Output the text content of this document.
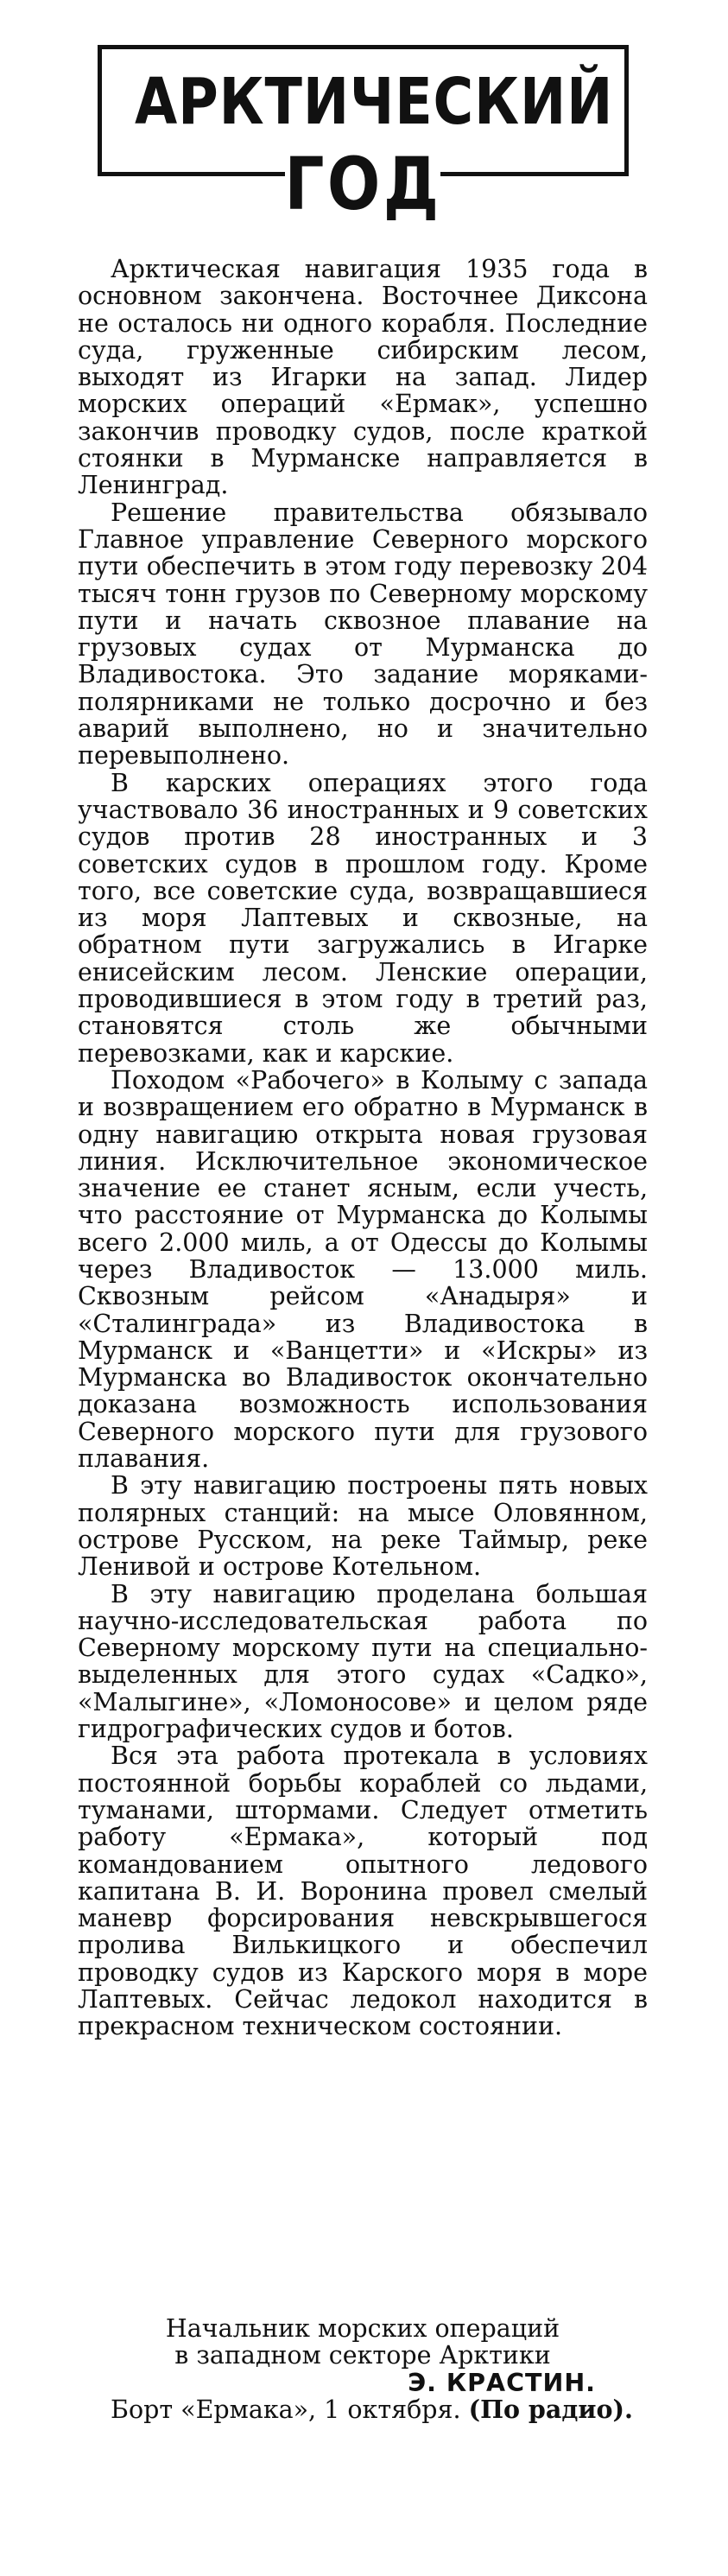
АРКТИЧЕСКИЙ
ГОД

Арктическая навигация 1935 года в основном закончена. Восточнее Диксона не осталось ни одного корабля. Последние суда, груженные сибирским лесом, выходят из Игарки на запад. Лидер морских операций «Ермак», успешно закончив проводку судов, после краткой стоянки в Мурманске направляется в Ленинград.

Решение правительства обязывало Главное управление Северного морского пути обеспечить в этом году перевозку 204 тысяч тонн грузов по Северному морскому пути и начать сквозное плавание на грузовых судах от Мурманска до Владивостока. Это задание моряками-полярниками не только досрочно и без аварий выполнено, но и значительно перевыполнено.

В карских операциях этого года участвовало 36 иностранных и 9 советских судов против 28 иностранных и 3 советских судов в прошлом году. Кроме того, все советские суда, возвращавшиеся из моря Лаптевых и сквозные, на обратном пути загружались в Игарке енисейским лесом. Ленские операции, проводившиеся в этом году в третий раз, становятся столь же обычными перевозками, как и карские.

Походом «Рабочего» в Колыму с запада и возвращением его обратно в Мурманск в одну навигацию открыта новая грузовая линия. Исключительное экономическое значение ее станет ясным, если учесть, что расстояние от Мурманска до Колымы всего 2.000 миль, а от Одессы до Колымы через Владивосток — 13.000 миль. Сквозным рейсом «Анадыря» и «Сталинграда» из Владивостока в Мурманск и «Ванцетти» и «Искры» из Мурманска во Владивосток окончательно доказана возможность использования Северного морского пути для грузового плавания.

В эту навигацию построены пять новых полярных станций: на мысе Оловянном, острове Русском, на реке Таймыр, реке Ленивой и острове Котельном.

В эту навигацию проделана большая научно-исследовательская работа по Северному морскому пути на специально-выделенных для этого судах «Садко», «Малыгине», «Ломоносове» и целом ряде гидрографических судов и ботов.

Вся эта работа протекала в условиях постоянной борьбы кораблей со льдами, туманами, штормами. Следует отметить работу «Ермака», который под командованием опытного ледового капитана В. И. Воронина провел смелый маневр форсирования невскрывшегося пролива Вилькицкого и обеспечил проводку судов из Карского моря в море Лаптевых. Сейчас ледокол находится в прекрасном техническом состоянии.

Начальник морских операций
в западном секторе Арктики
Э. КРАСТИН.
Борт «Ермака», 1 октября. (По радио).
